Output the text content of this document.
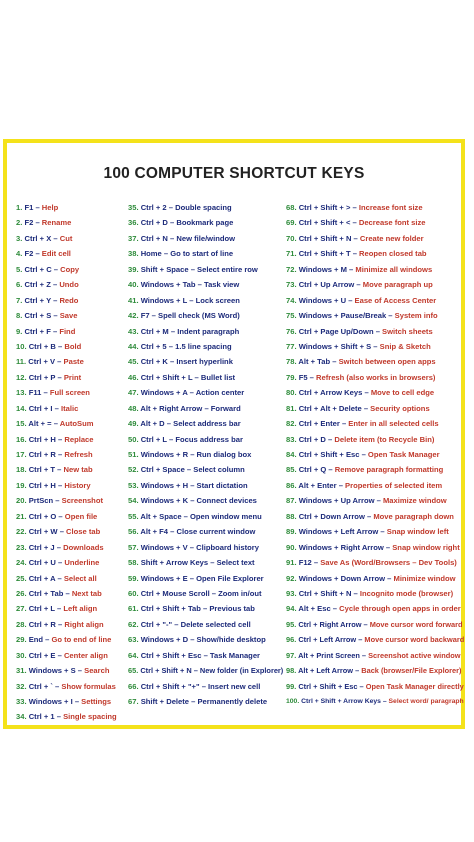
100 COMPUTER SHORTCUT KEYS
1. F1 – Help
2. F2 – Rename
3. Ctrl + X – Cut
4. F2 – Edit cell
5. Ctrl + C – Copy
6. Ctrl + Z – Undo
7. Ctrl + Y – Redo
8. Ctrl + S – Save
9. Ctrl + F – Find
10. Ctrl + B – Bold
11. Ctrl + V – Paste
12. Ctrl + P – Print
13. F11 – Full screen
14. Ctrl + I – Italic
15. Alt + = – AutoSum
16. Ctrl + H – Replace
17. Ctrl + R – Refresh
18. Ctrl + T – New tab
19. Ctrl + H – History
20. PrtScn – Screenshot
21. Ctrl + O – Open file
22. Ctrl + W – Close tab
23. Ctrl + J – Downloads
24. Ctrl + U – Underline
25. Ctrl + A – Select all
26. Ctrl + Tab – Next tab
27. Ctrl + L – Left align
28. Ctrl + R – Right align
29. End – Go to end of line
30. Ctrl + E – Center align
31. Windows + S – Search
32. Ctrl + ` – Show formulas
33. Windows + I – Settings
34. Ctrl + 1 – Single spacing
35. Ctrl + 2 – Double spacing
36. Ctrl + D – Bookmark page
37. Ctrl + N – New file/window
38. Home – Go to start of line
39. Shift + Space – Select entire row
40. Windows + Tab – Task view
41. Windows + L – Lock screen
42. F7 – Spell check (MS Word)
43. Ctrl + M – Indent paragraph
44. Ctrl + 5 – 1.5 line spacing
45. Ctrl + K – Insert hyperlink
46. Ctrl + Shift + L – Bullet list
47. Windows + A – Action center
48. Alt + Right Arrow – Forward
49. Alt + D – Select address bar
50. Ctrl + L – Focus address bar
51. Windows + R – Run dialog box
52. Ctrl + Space – Select column
53. Windows + H – Start dictation
54. Windows + K – Connect devices
55. Alt + Space – Open window menu
56. Alt + F4 – Close current window
57. Windows + V – Clipboard history
58. Shift + Arrow Keys – Select text
59. Windows + E – Open File Explorer
60. Ctrl + Mouse Scroll – Zoom in/out
61. Ctrl + Shift + Tab – Previous tab
62. Ctrl + "-" – Delete selected cell
63. Windows + D – Show/hide desktop
64. Ctrl + Shift + Esc – Task Manager
65. Ctrl + Shift + N – New folder (in Explorer)
66. Ctrl + Shift + "+" – Insert new cell
67. Shift + Delete – Permanently delete
68. Ctrl + Shift + > – Increase font size
69. Ctrl + Shift + < – Decrease font size
70. Ctrl + Shift + N – Create new folder
71. Ctrl + Shift + T – Reopen closed tab
72. Windows + M – Minimize all windows
73. Ctrl + Up Arrow – Move paragraph up
74. Windows + U – Ease of Access Center
75. Windows + Pause/Break – System info
76. Ctrl + Page Up/Down – Switch sheets
77. Windows + Shift + S – Snip & Sketch
78. Alt + Tab – Switch between open apps
79. F5 – Refresh (also works in browsers)
80. Ctrl + Arrow Keys – Move to cell edge
81. Ctrl + Alt + Delete – Security options
82. Ctrl + Enter – Enter in all selected cells
83. Ctrl + D – Delete item (to Recycle Bin)
84. Ctrl + Shift + Esc – Open Task Manager
85. Ctrl + Q – Remove paragraph formatting
86. Alt + Enter – Properties of selected item
87. Windows + Up Arrow – Maximize window
88. Ctrl + Down Arrow – Move paragraph down
89. Windows + Left Arrow – Snap window left
90. Windows + Right Arrow – Snap window right
91. F12 – Save As (Word/Browsers – Dev Tools)
92. Windows + Down Arrow – Minimize window
93. Ctrl + Shift + N – Incognito mode (browser)
94. Alt + Esc – Cycle through open apps in order
95. Ctrl + Right Arrow – Move cursor word forward
96. Ctrl + Left Arrow – Move cursor word backward
97. Alt + Print Screen – Screenshot active window
98. Alt + Left Arrow – Back (browser/File Explorer)
99. Ctrl + Shift + Esc – Open Task Manager directly
100. Ctrl + Shift + Arrow Keys – Select word/ paragraph
